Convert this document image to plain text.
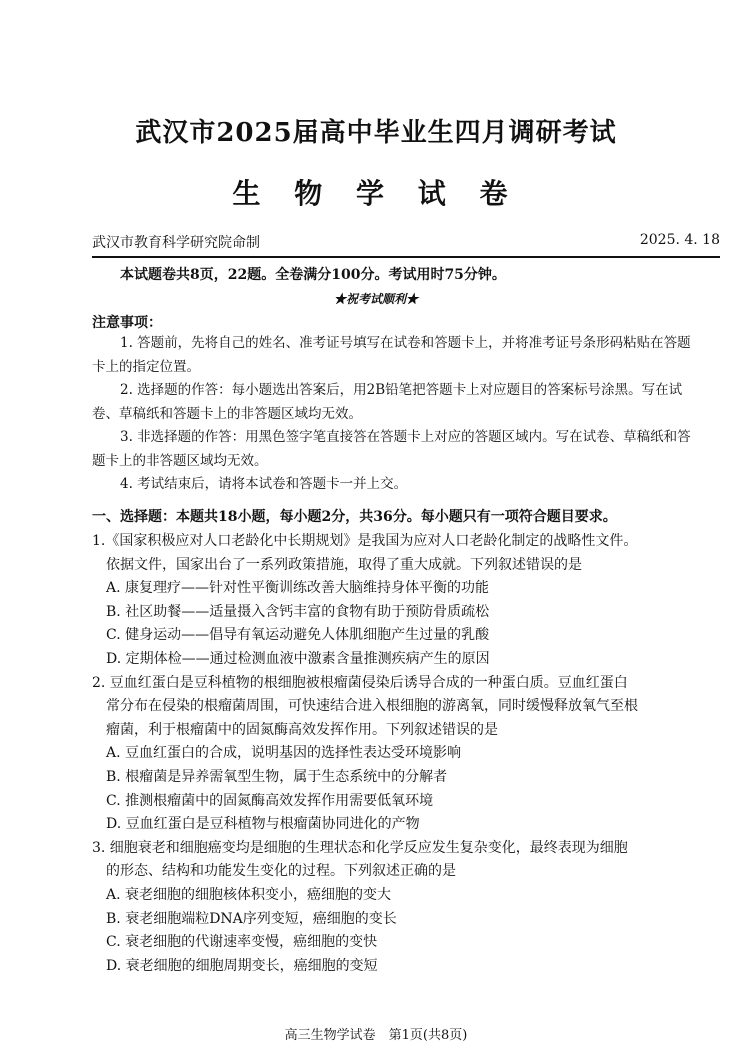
武汉市2025届高中毕业生四月调研考试
生 物 学 试 卷
武汉市教育科学研究院命制	2025. 4. 18
本试题卷共8页，22题。全卷满分100分。考试用时75分钟。
★祝考试顺利★
注意事项：

1. 答题前，先将自己的姓名、准考证号填写在试卷和答题卡上，并将准考证号条形码粘贴在答题卡上的指定位置。

2. 选择题的作答：每小题选出答案后，用2B铅笔把答题卡上对应题目的答案标号涂黑。写在试卷、草稿纸和答题卡上的非答题区域均无效。

3. 非选择题的作答：用黑色签字笔直接答在答题卡上对应的答题区域内。写在试卷、草稿纸和答题卡上的非答题区域均无效。

4. 考试结束后，请将本试卷和答题卡一并上交。

一、选择题：本题共18小题，每小题2分，共36分。每小题只有一项符合题目要求。

1.《国家积极应对人口老龄化中长期规划》是我国为应对人口老龄化制定的战略性文件。
依据文件，国家出台了一系列政策措施，取得了重大成就。下列叙述错误的是

A. 康复理疗——针对性平衡训练改善大脑维持身体平衡的功能

B. 社区助餐——适量摄入含钙丰富的食物有助于预防骨质疏松

C. 健身运动——倡导有氧运动避免人体肌细胞产生过量的乳酸

D. 定期体检——通过检测血液中激素含量推测疾病产生的原因

2. 豆血红蛋白是豆科植物的根细胞被根瘤菌侵染后诱导合成的一种蛋白质。豆血红蛋白
常分布在侵染的根瘤菌周围，可快速结合进入根细胞的游离氧，同时缓慢释放氧气至根
瘤菌，利于根瘤菌中的固氮酶高效发挥作用。下列叙述错误的是

A. 豆血红蛋白的合成，说明基因的选择性表达受环境影响

B. 根瘤菌是异养需氧型生物，属于生态系统中的分解者

C. 推测根瘤菌中的固氮酶高效发挥作用需要低氧环境

D. 豆血红蛋白是豆科植物与根瘤菌协同进化的产物

3. 细胞衰老和细胞癌变均是细胞的生理状态和化学反应发生复杂变化，最终表现为细胞
的形态、结构和功能发生变化的过程。下列叙述正确的是

A. 衰老细胞的细胞核体积变小，癌细胞的变大

B. 衰老细胞端粒DNA序列变短，癌细胞的变长

C. 衰老细胞的代谢速率变慢，癌细胞的变快

D. 衰老细胞的细胞周期变长，癌细胞的变短

高三生物学试卷　第1页(共8页)
